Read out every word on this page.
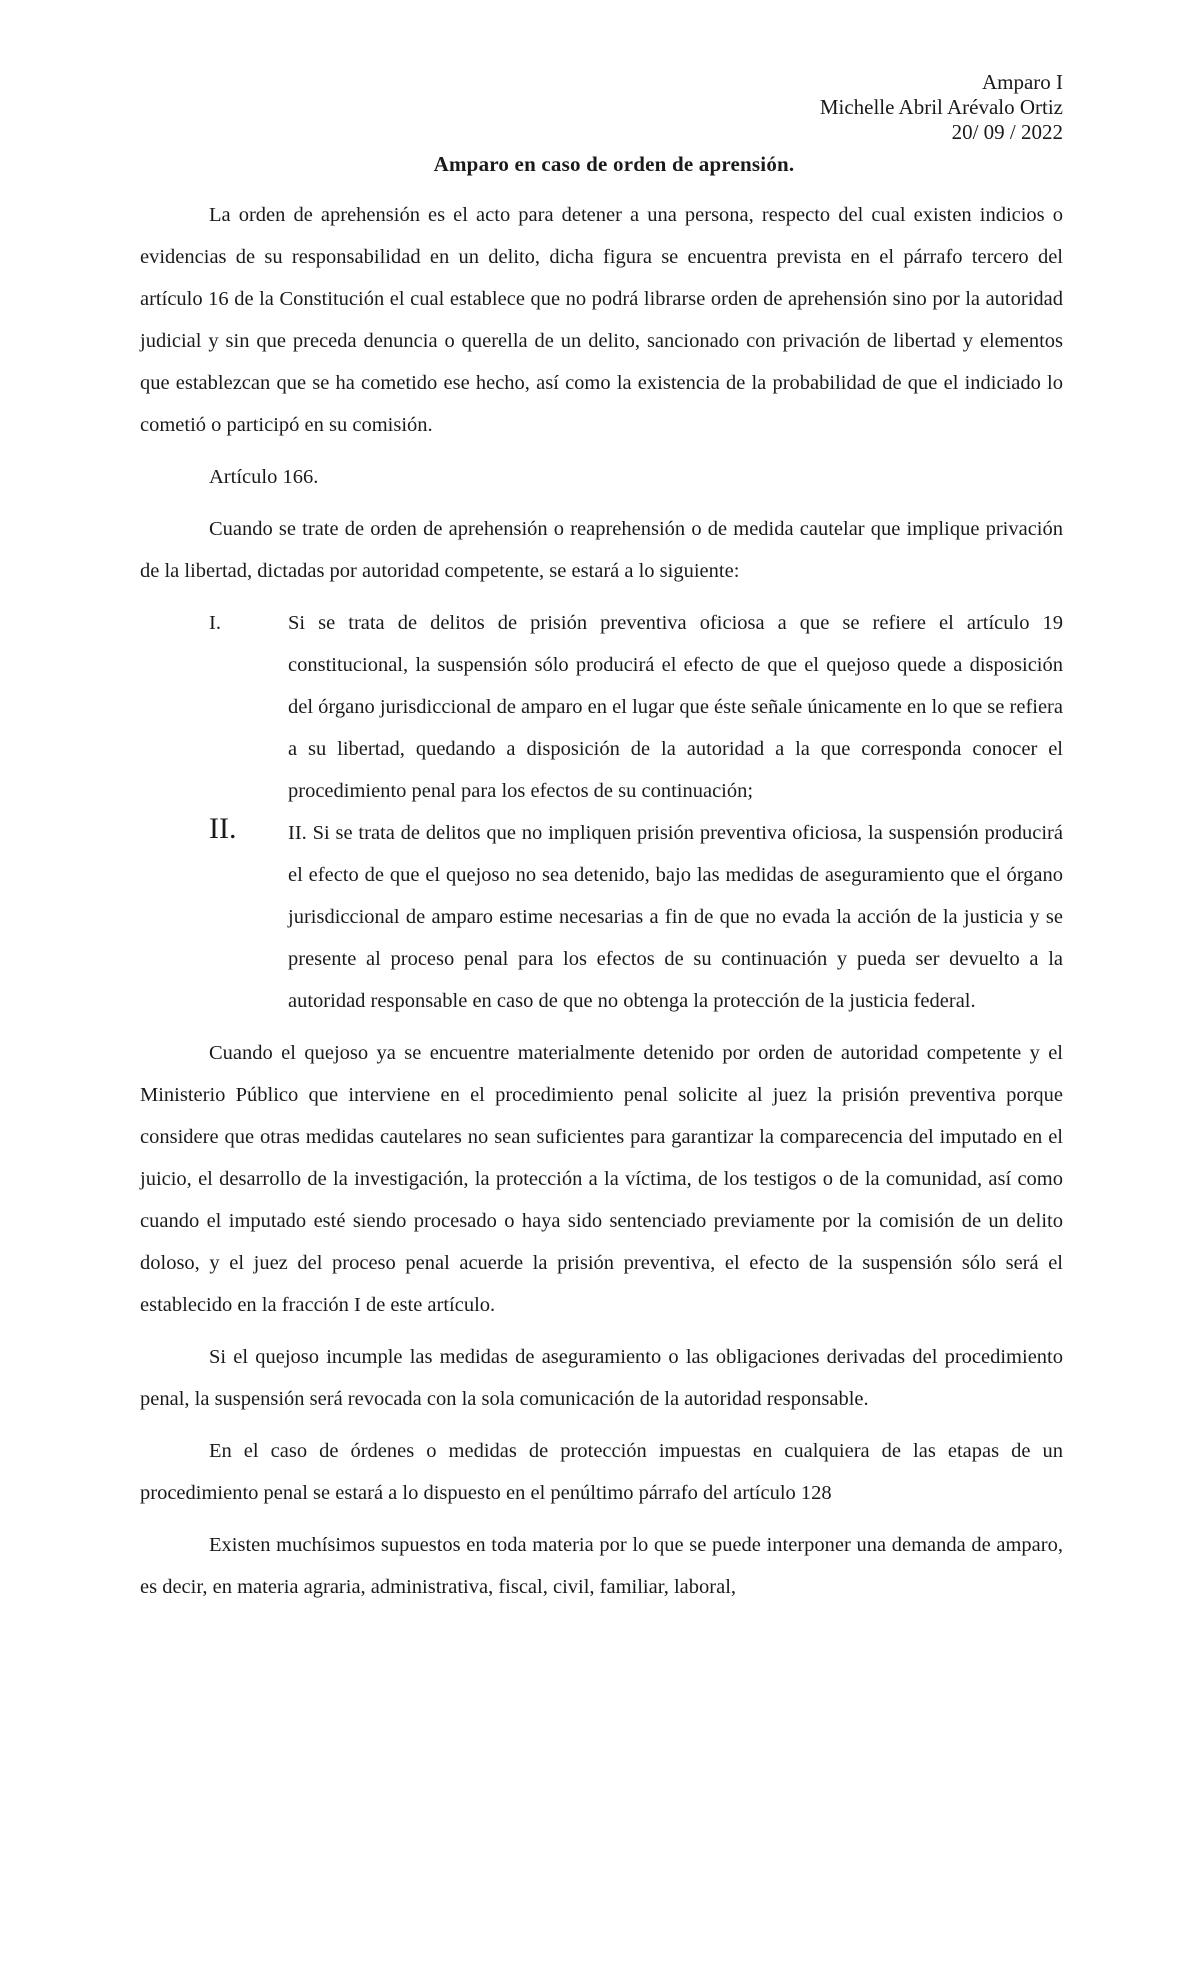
Amparo I
Michelle Abril Arévalo Ortiz
20/ 09 / 2022
Amparo en caso de orden de aprensión.

La orden de aprehensión es el acto para detener a una persona, respecto del cual existen indicios o evidencias de su responsabilidad en un delito, dicha figura se encuentra prevista en el párrafo tercero del artículo 16 de la Constitución el cual establece que no podrá librarse orden de aprehensión sino por la autoridad judicial y sin que preceda denuncia o querella de un delito, sancionado con privación de libertad y elementos que establezcan que se ha cometido ese hecho, así como la existencia de la probabilidad de que el indiciado lo cometió o participó en su comisión.

Artículo 166.

Cuando se trate de orden de aprehensión o reaprehensión o de medida cautelar que implique privación de la libertad, dictadas por autoridad competente, se estará a lo siguiente:

I.	Si se trata de delitos de prisión preventiva oficiosa a que se refiere el artículo 19 constitucional, la suspensión sólo producirá el efecto de que el quejoso quede a disposición del órgano jurisdiccional de amparo en el lugar que éste señale únicamente en lo que se refiera a su libertad, quedando a disposición de la autoridad a la que corresponda conocer el procedimiento penal para los efectos de su continuación;
II.	II. Si se trata de delitos que no impliquen prisión preventiva oficiosa, la suspensión producirá el efecto de que el quejoso no sea detenido, bajo las medidas de aseguramiento que el órgano jurisdiccional de amparo estime necesarias a fin de que no evada la acción de la justicia y se presente al proceso penal para los efectos de su continuación y pueda ser devuelto a la autoridad responsable en caso de que no obtenga la protección de la justicia federal.

Cuando el quejoso ya se encuentre materialmente detenido por orden de autoridad competente y el Ministerio Público que interviene en el procedimiento penal solicite al juez la prisión preventiva porque considere que otras medidas cautelares no sean suficientes para garantizar la comparecencia del imputado en el juicio, el desarrollo de la investigación, la protección a la víctima, de los testigos o de la comunidad, así como cuando el imputado esté siendo procesado o haya sido sentenciado previamente por la comisión de un delito doloso, y el juez del proceso penal acuerde la prisión preventiva, el efecto de la suspensión sólo será el establecido en la fracción I de este artículo.

Si el quejoso incumple las medidas de aseguramiento o las obligaciones derivadas del procedimiento penal, la suspensión será revocada con la sola comunicación de la autoridad responsable.

En el caso de órdenes o medidas de protección impuestas en cualquiera de las etapas de un procedimiento penal se estará a lo dispuesto en el penúltimo párrafo del artículo 128

Existen muchísimos supuestos en toda materia por lo que se puede interponer una demanda de amparo, es decir, en materia agraria, administrativa, fiscal, civil, familiar, laboral,
